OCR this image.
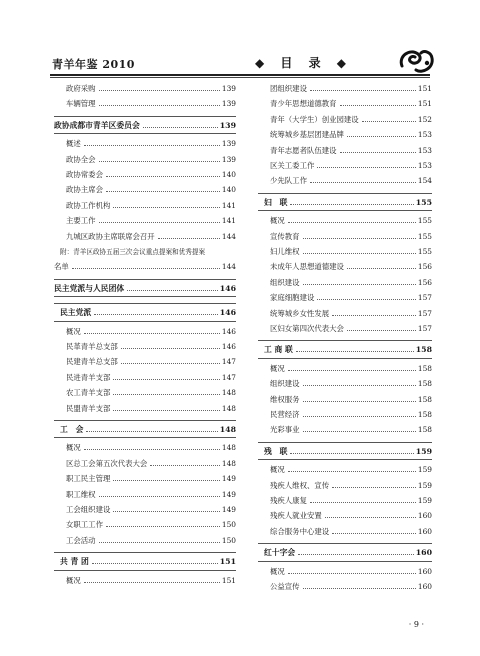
青羊年鉴 2010	◆ 目 录 ◆
政府采购	139
车辆管理	139
政协成都市青羊区委员会	139
概述	139
政协全会	139
政协常委会	140
政协主席会	140
政协工作机构	141
主要工作	141
九城区政协主席联席会召开	144
附：青羊区政协五届三次会议重点提案和优秀提案
名单	144
民主党派与人民团体	146
民主党派	146
概况	146
民革青羊总支部	146
民建青羊总支部	147
民进青羊支部	147
农工青羊支部	148
民盟青羊支部	148
工　会	148
概况	148
区总工会第五次代表大会	148
职工民主管理	149
职工维权	149
工会组织建设	149
女职工工作	150
工会活动	150
共 青 团	151
概况	151
团组织建设	151
青少年思想道德教育	151
青年（大学生）创业园建设	152
统筹城乡基层团建品牌	153
青年志愿者队伍建设	153
区关工委工作	153
少先队工作	154
妇　联	155
概况	155
宣传教育	155
妇儿维权	155
未成年人思想道德建设	156
组织建设	156
家庭细胞建设	157
统筹城乡女性发展	157
区妇女第四次代表大会	157
工 商 联	158
概况	158
组织建设	158
维权服务	158
民营经济	158
光彩事业	158
残　联	159
概况	159
残疾人维权、宣传	159
残疾人康复	159
残疾人就业安置	160
综合服务中心建设	160
红十字会	160
概况	160
公益宣传	160
· 9 ·
